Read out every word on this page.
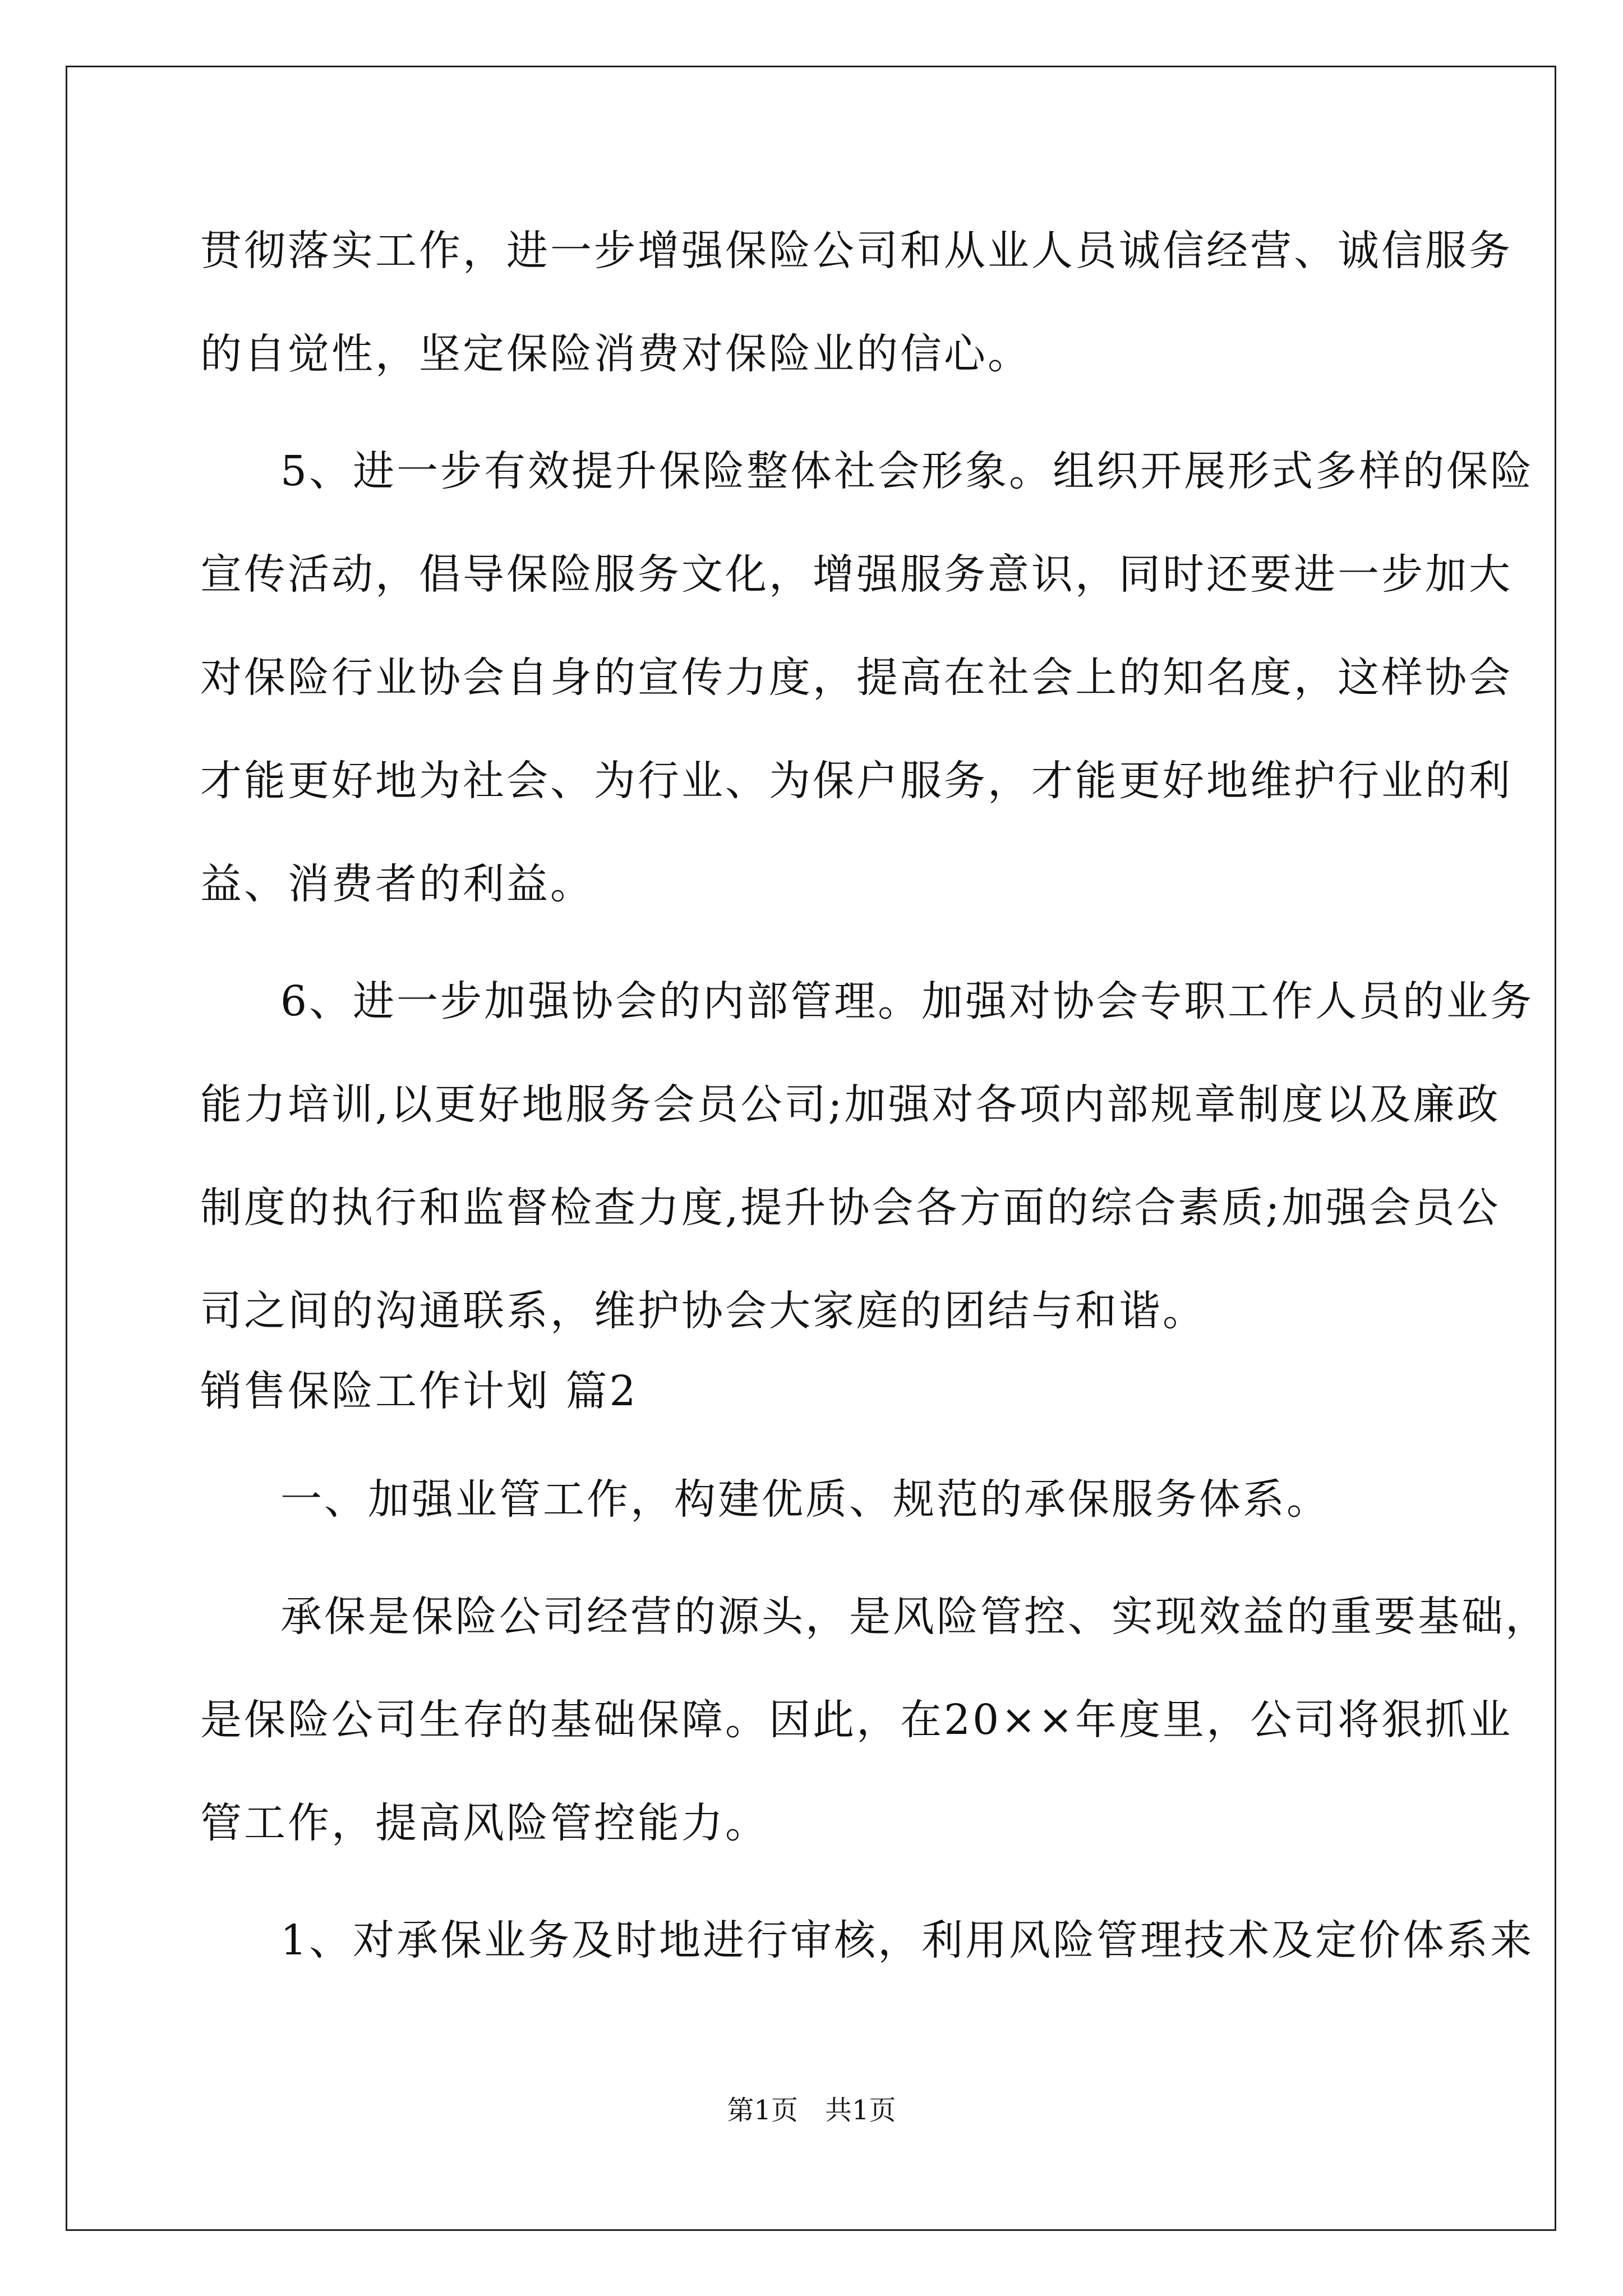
贯彻落实工作，进一步增强保险公司和从业人员诚信经营、诚信服务
的自觉性，坚定保险消费对保险业的信心。
5、进一步有效提升保险整体社会形象。组织开展形式多样的保险
宣传活动，倡导保险服务文化，增强服务意识，同时还要进一步加大
对保险行业协会自身的宣传力度，提高在社会上的知名度，这样协会
才能更好地为社会、为行业、为保户服务，才能更好地维护行业的利
益、消费者的利益。
6、进一步加强协会的内部管理。加强对协会专职工作人员的业务
能力培训,以更好地服务会员公司;加强对各项内部规章制度以及廉政
制度的执行和监督检查力度,提升协会各方面的综合素质;加强会员公
司之间的沟通联系，维护协会大家庭的团结与和谐。
销售保险工作计划 篇2
一、加强业管工作，构建优质、规范的承保服务体系。
承保是保险公司经营的源头，是风险管控、实现效益的重要基础，
是保险公司生存的基础保障。因此，在20××年度里，公司将狠抓业
管工作，提高风险管控能力。
1、对承保业务及时地进行审核，利用风险管理技术及定价体系来
第1页　共1页
